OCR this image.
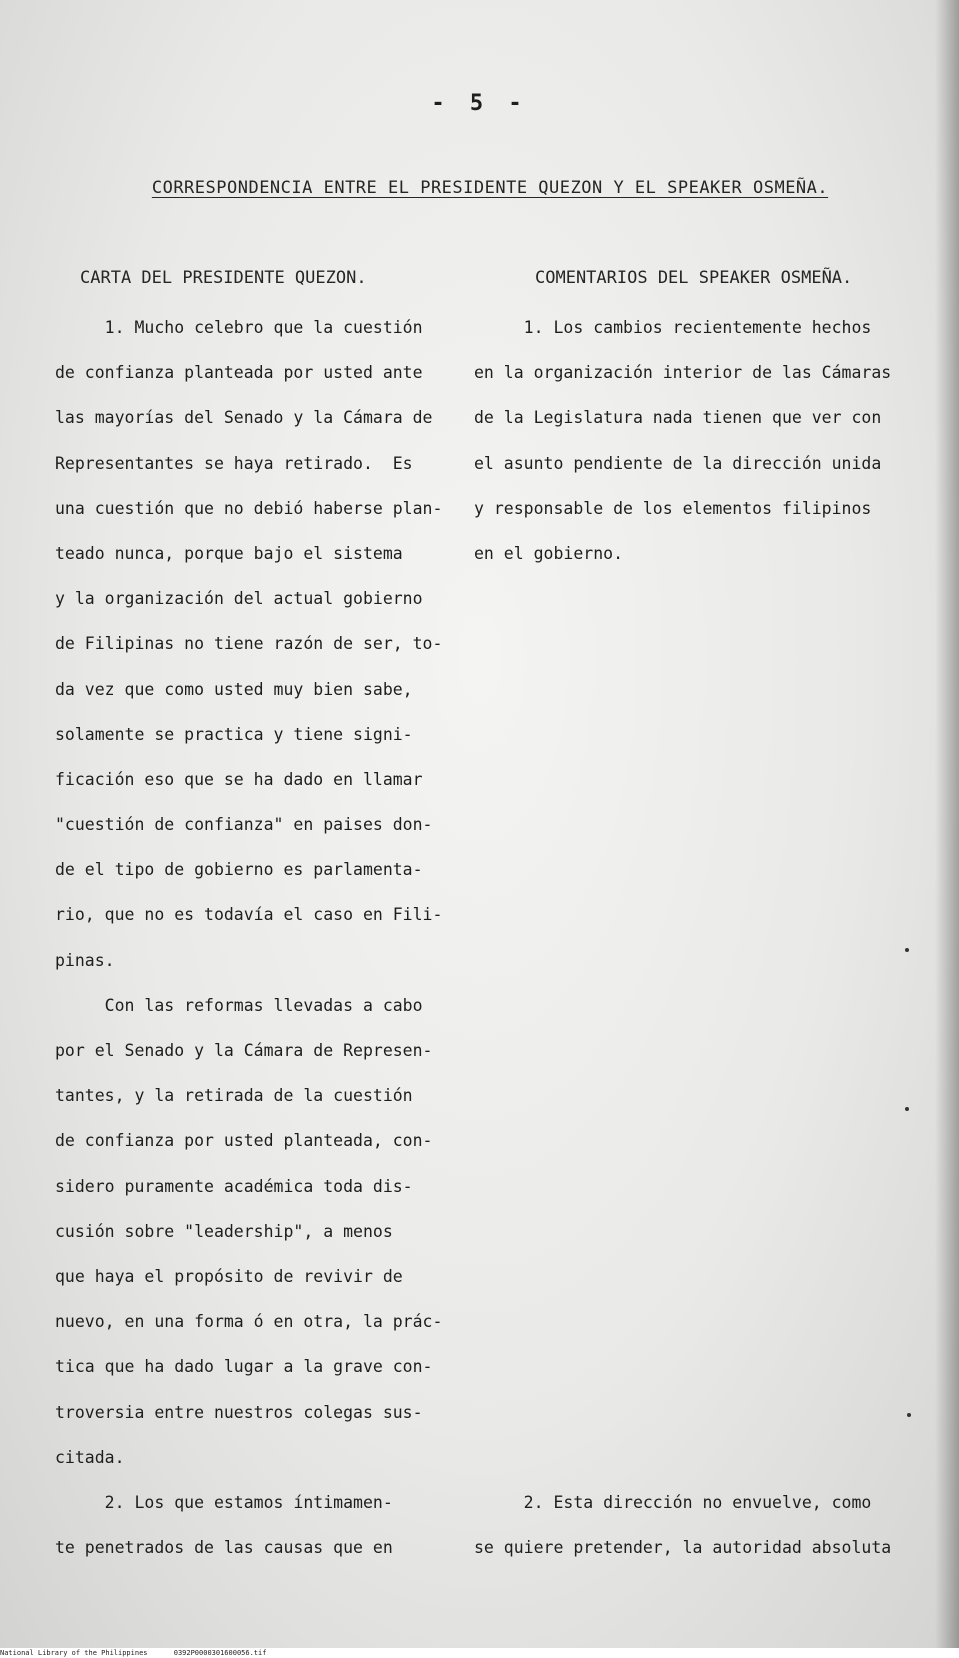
- 5 -
CORRESPONDENCIA ENTRE EL PRESIDENTE QUEZON Y EL SPEAKER OSMEÑA.
CARTA DEL PRESIDENTE QUEZON.	COMENTARIOS DEL SPEAKER OSMEÑA.
1. Mucho celebro que la cuestión
de confianza planteada por usted ante
las mayorías del Senado y la Cámara de
Representantes se haya retirado.  Es
una cuestión que no debió haberse plan-
teado nunca, porque bajo el sistema
y la organización del actual gobierno
de Filipinas no tiene razón de ser, to-
da vez que como usted muy bien sabe,
solamente se practica y tiene signi-
ficación eso que se ha dado en llamar
"cuestión de confianza" en paises don-
de el tipo de gobierno es parlamenta-
rio, que no es todavía el caso en Fili-
pinas.
Con las reformas llevadas a cabo
por el Senado y la Cámara de Represen-
tantes, y la retirada de la cuestión
de confianza por usted planteada, con-
sidero puramente académica toda dis-
cusión sobre "leadership", a menos
que haya el propósito de revivir de
nuevo, en una forma ó en otra, la prác-
tica que ha dado lugar a la grave con-
troversia entre nuestros colegas sus-
citada.
1. Los cambios recientemente hechos
en la organización interior de las Cámaras
de la Legislatura nada tienen que ver con
el asunto pendiente de la dirección unida
y responsable de los elementos filipinos
en el gobierno.
2. Los que estamos íntimamen-
te penetrados de las causas que en
2. Esta dirección no envuelve, como
se quiere pretender, la autoridad absoluta
National Library of the Philippines	0392P0000301600056.tif
